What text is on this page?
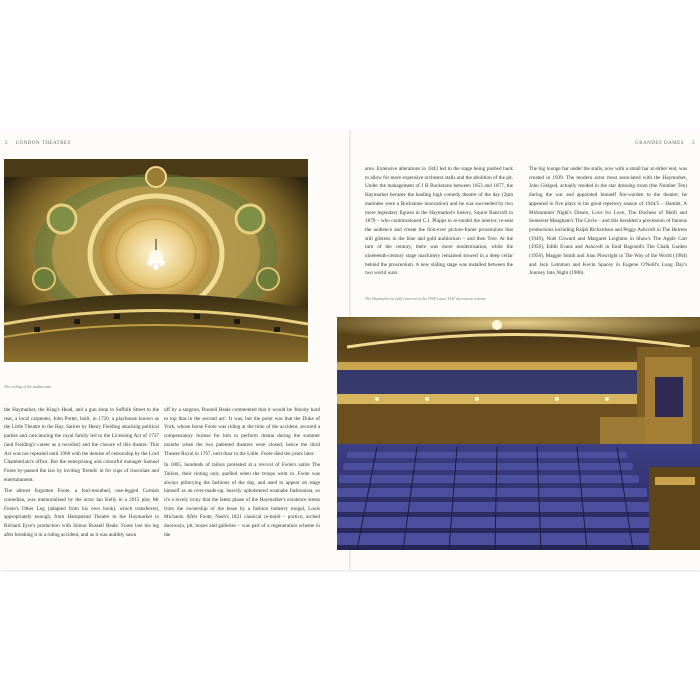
2 LONDON THEATRES
The ceiling of the auditorium

the Haymarket, the King's Head, and a gun shop in Suffolk Street to the rear, a local carpenter, John Potter, built, in 1720, a playhouse known as the Little Theatre in the Hay. Satires by Henry Fielding attacking political parties and caricaturing the royal family led to the Licensing Act of 1737 (and Fielding's career as a novelist) and the closure of this theatre. This Act was not repealed until 1968 with the demise of censorship by the Lord Chamberlain's office. But the enterprising and colourful manager Samuel Foote by-passed the law by inviting 'friends' in for cups of chocolate and entertainment.

The almost forgotten Foote, a foul-mouthed, one-legged Cornish comedian, was memorialised by the actor Ian Kelly in a 2015 play Mr Foote's Other Leg (adapted from his own book), which transferred, appropriately enough, from Hampstead Theatre to the Haymarket in Richard Eyre's production with Simon Russell Beale. Foote lost his leg after breaking it in a riding accident, and as it was audibly sawn

off by a surgeon, Russell Beale commented that it would be 'bloody hard to top that in the second act'. It was, but the point was that the Duke of York, whose horse Foote was riding at the time of the accident, secured a compensatory license for him to perform drama during the summer months when the two patented theatres were closed; hence the third Theatre Royal in 1767, next door to the Little. Foote died ten years later.

In 1805, hundreds of tailors protested at a revival of Foote's satire The Tailors, their rioting only quelled when the troops went in. Foote was always pillorying the fashions of the day, and used to appear on stage himself as an over-made-up, heavily upholstered wannabe fashionista, so it's a lovely irony that the latest phase of the Haymarket's existence stems from the ownership of the lease by a fashion industry mogul, Louis Michaels. After Foote, Nash's 1821 classical re-build – portico, arched doorways, pit, boxes and galleries – was part of a regeneration scheme in the

GRANDES DAMES 3

area. Extensive alterations in 1843 led to the stage being pushed back to allow for more expensive orchestra stalls and the abolition of the pit. Under the management of J B Buckstone between 1853 and 1877, the Haymarket became the leading high comedy theatre of the day (2pm matinées were a Buckstone innovation) and he was succeeded by two more legendary figures in the Haymarket's history, Squire Bancroft in 1879 – who commissioned C.J. Phipps to re-model the interior, re-seat the audience and create the first-ever picture-frame proscenium that still glistens in the blue and gold auditorium – and then Tree. At the turn of the century, there was more modernisation, while the nineteenth-century stage machinery remained stowed in a deep cellar behind the proscenium. A new sliding stage was installed between the two world wars.

The big lounge bar under the stalls, now with a small bar at either end, was created in 1939. The modern actor most associated with the Haymarket, John Gielgud, actually resided in the star dressing room (the Number Ten) during the war and appointed himself fire-warden to the theatre; he appeared in five plays in his great repertory season of 1944/5 – Hamlet, A Midsummer Night's Dream, Love for Love, The Duchess of Malfi and Somerset Maugham's The Circle – and this heralded a procession of famous productions including Ralph Richardson and Peggy Ashcroft in The Heiress (1949), Noël Coward and Margaret Leighton in Shaw's The Apple Cart (1956), Edith Evans and Ashcroft in Enid Bagnold's The Chalk Garden (1956), Maggie Smith and Joan Plowright in The Way of the World (1984) and Jack Lemmon and Kevin Spacey in Eugene O'Neill's Long Day's Journey Into Night (1986).

The Haymarket as fully restored in the 1994 Lucas 'D.K' decorative scheme
